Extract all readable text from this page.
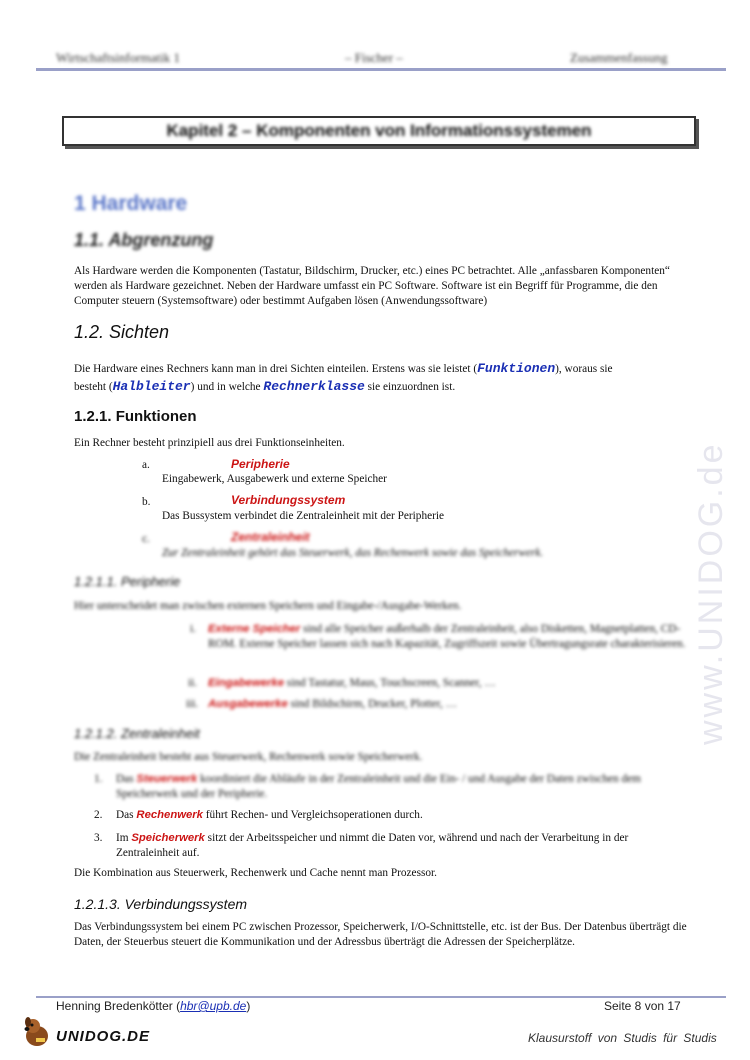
Wirtschaftsinformatik 1	– Fischer –	Zusammenfassung
Kapitel 2 – Komponenten von Informationssystemen
1 Hardware
1.1. Abgrenzung
Als Hardware werden die Komponenten (Tastatur, Bildschirm, Drucker, etc.) eines PC betrachtet. Alle „anfassbaren Komponenten“ werden als Hardware gezeichnet. Neben der Hardware umfasst ein PC Software. Software ist ein Begriff für Programme, die den Computer steuern (Systemsoftware) oder bestimmt Aufgaben lösen (Anwendungssoftware)
1.2. Sichten
Die Hardware eines Rechners kann man in drei Sichten einteilen. Erstens was sie leistet (Funktionen), woraus sie
besteht (Halbleiter) und in welche Rechnerklasse sie einzuordnen ist.
1.2.1. Funktionen
Ein Rechner besteht prinzipiell aus drei Funktionseinheiten.
a.	Peripherie
Eingabewerk, Ausgabewerk und externe Speicher
b.	Verbindungssystem
Das Bussystem verbindet die Zentraleinheit mit der Peripherie
c.	Zentraleinheit
Zur Zentraleinheit gehört das Steuerwerk, das Rechenwerk sowie das Speicherwerk.
1.2.1.1. Peripherie
Hier unterscheidet man zwischen externen Speichern und Eingabe-/Ausgabe-Werken.
i. Externe Speicher sind alle Speicher außerhalb der Zentraleinheit, also Disketten, Magnetplatten, CD-ROM. Externe Speicher lassen sich nach Kapazität, Zugriffszeit sowie Übertragungsrate charakterisieren.
ii. Eingabewerke sind Tastatur, Maus, Touchscreen, Scanner, …
iii. Ausgabewerke sind Bildschirm, Drucker, Plotter, …
1.2.1.2. Zentraleinheit
Die Zentraleinheit besteht aus Steuerwerk, Rechenwerk sowie Speicherwerk.
1. Das Steuerwerk koordiniert die Abläufe in der Zentraleinheit und die Ein- / und Ausgabe der Daten zwischen dem Speicherwerk und der Peripherie.
2. Das Rechenwerk führt Rechen- und Vergleichsoperationen durch.
3. Im Speicherwerk sitzt der Arbeitsspeicher und nimmt die Daten vor, während und nach der Verarbeitung in der Zentraleinheit auf.
Die Kombination aus Steuerwerk, Rechenwerk und Cache nennt man Prozessor.
1.2.1.3. Verbindungssystem
Das Verbindungssystem bei einem PC zwischen Prozessor, Speicherwerk, I/O-Schnittstelle, etc. ist der Bus. Der Datenbus überträgt die Daten, der Steuerbus steuert die Kommunikation und der Adressbus überträgt die Adressen der Speicherplätze.
www.UNIDOG.de
Henning Bredenkötter (hbr@upb.de)	Seite 8 von 17
UNIDOG.DE	Klausurstoff von Studis für Studis
